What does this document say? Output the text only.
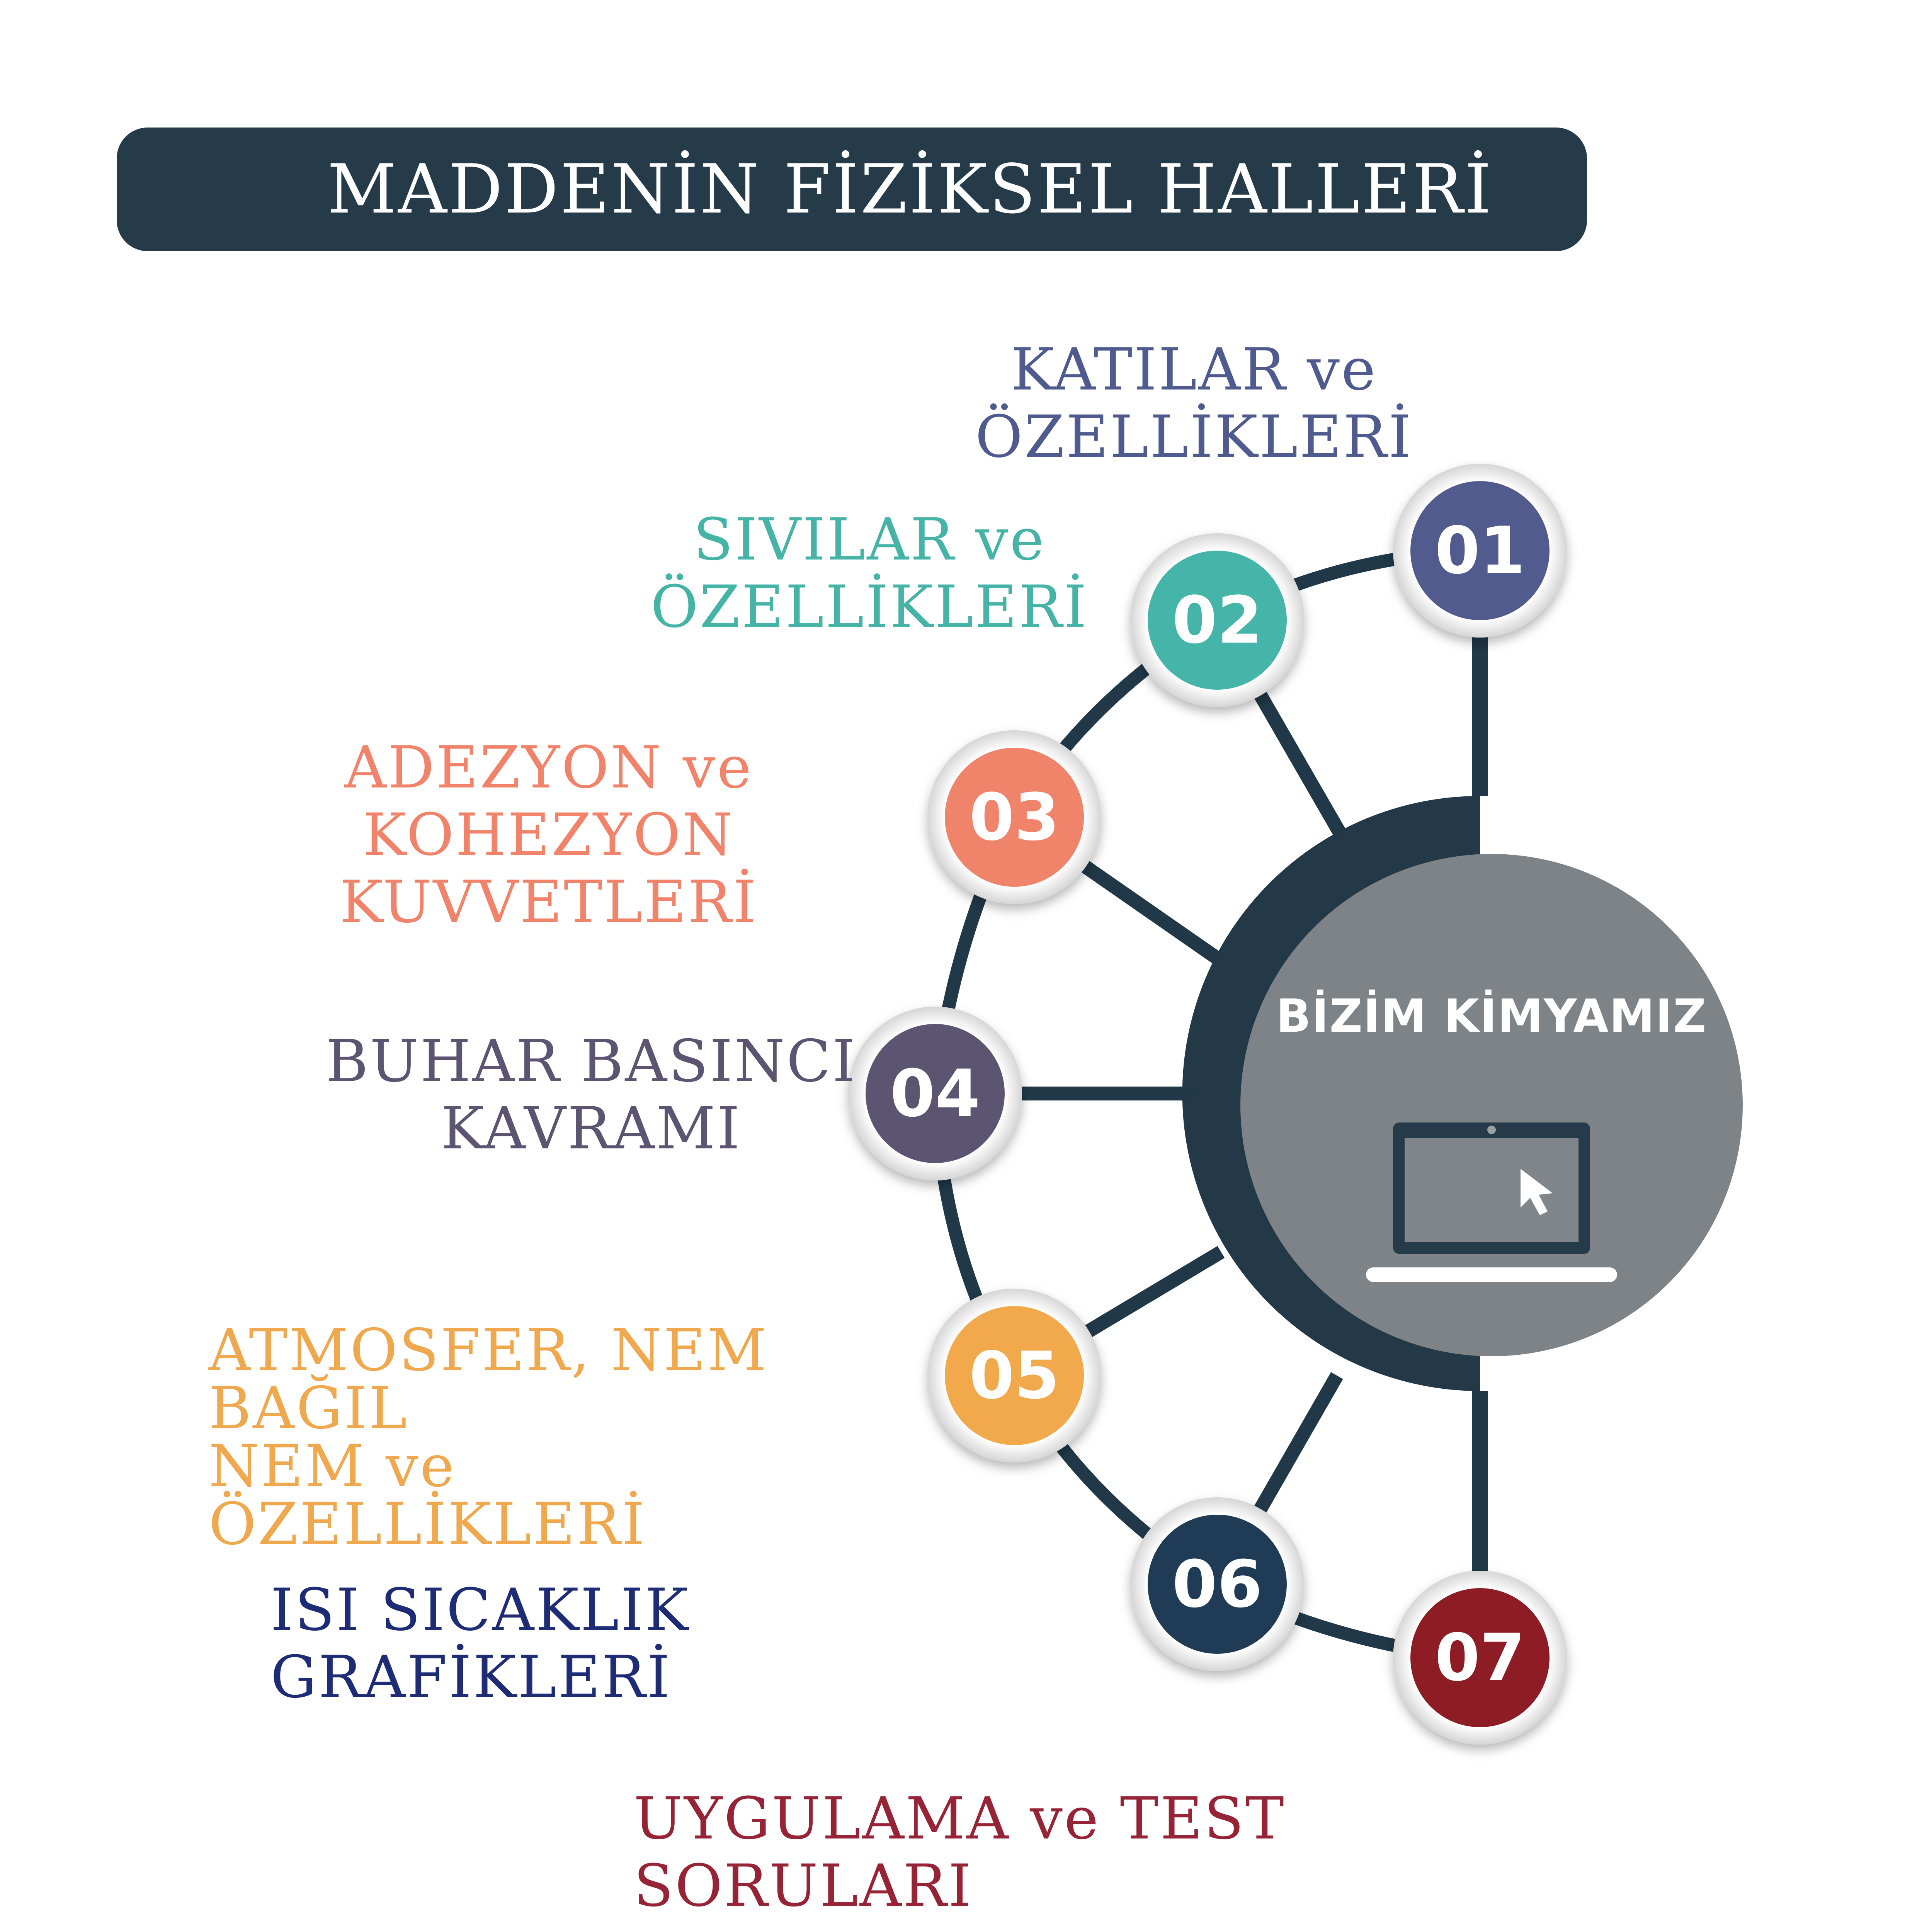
MADDENİN FİZİKSEL HALLERİ
01
02
03
04
05
06
07
KATILAR ve
ÖZELLİKLERİ
SIVILAR ve
ÖZELLİKLERİ
ADEZYON ve KOHEZYON
KUVVETLERİ
BUHAR BASINCI
KAVRAMI
ATMOSFER, NEM BAĞIL
NEM ve ÖZELLİKLERİ
ISI SICAKLIK GRAFİKLERİ
UYGULAMA ve TEST SORULARI
BİZİM KİMYAMIZ
